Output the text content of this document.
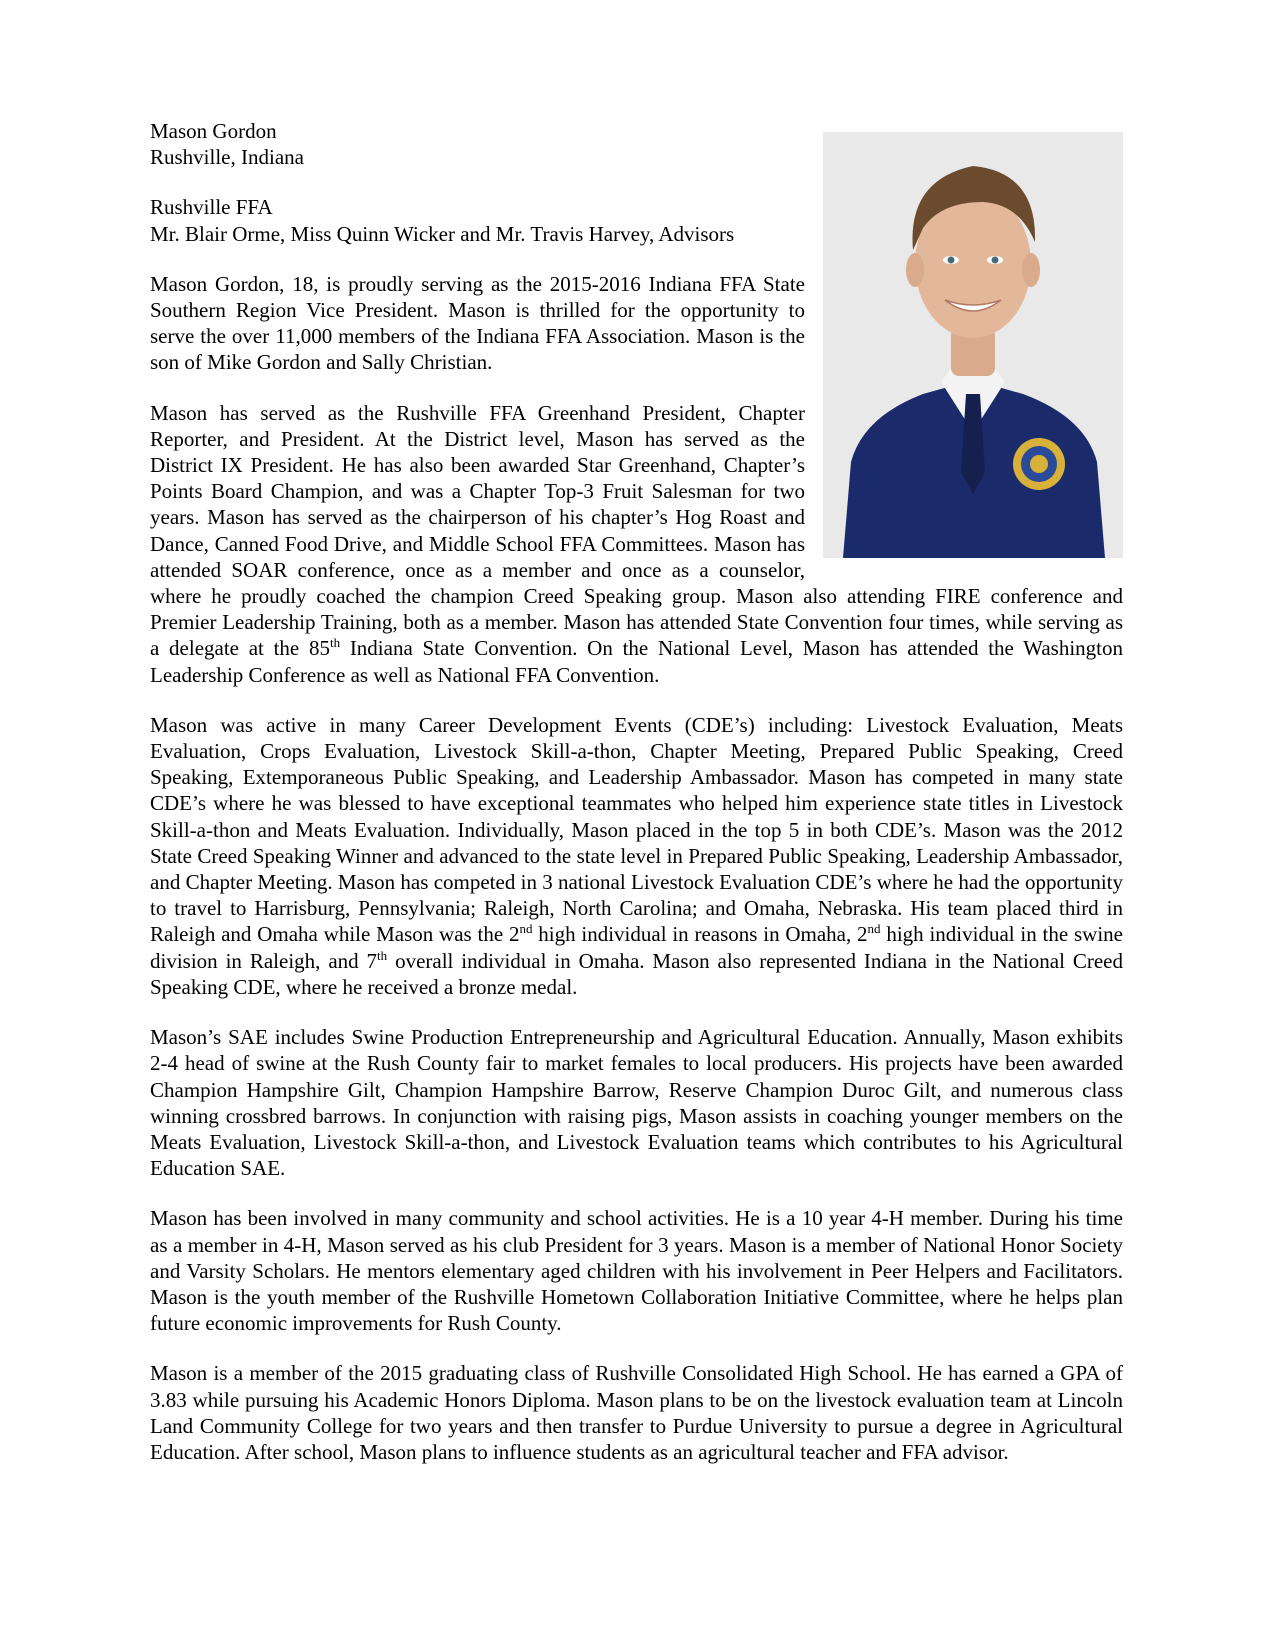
Mason Gordon
Rushville, Indiana

Rushville FFA
Mr. Blair Orme, Miss Quinn Wicker and Mr. Travis Harvey, Advisors

Mason Gordon, 18, is proudly serving as the 2015-2016 Indiana FFA State Southern Region Vice President. Mason is thrilled for the opportunity to serve the over 11,000 members of the Indiana FFA Association. Mason is the son of Mike Gordon and Sally Christian.

Mason has served as the Rushville FFA Greenhand President, Chapter Reporter, and President. At the District level, Mason has served as the District IX President. He has also been awarded Star Greenhand, Chapter’s Points Board Champion, and was a Chapter Top-3 Fruit Salesman for two years. Mason has served as the chairperson of his chapter’s Hog Roast and Dance, Canned Food Drive, and Middle School FFA Committees. Mason has attended SOAR conference, once as a member and once as a counselor, where he proudly coached the champion Creed Speaking group. Mason also attending FIRE conference and Premier Leadership Training, both as a member. Mason has attended State Convention four times, while serving as a delegate at the 85th Indiana State Convention. On the National Level, Mason has attended the Washington Leadership Conference as well as National FFA Convention.

Mason was active in many Career Development Events (CDE’s) including: Livestock Evaluation, Meats Evaluation, Crops Evaluation, Livestock Skill-a-thon, Chapter Meeting, Prepared Public Speaking, Creed Speaking, Extemporaneous Public Speaking, and Leadership Ambassador. Mason has competed in many state CDE’s where he was blessed to have exceptional teammates who helped him experience state titles in Livestock Skill-a-thon and Meats Evaluation. Individually, Mason placed in the top 5 in both CDE’s. Mason was the 2012 State Creed Speaking Winner and advanced to the state level in Prepared Public Speaking, Leadership Ambassador, and Chapter Meeting. Mason has competed in 3 national Livestock Evaluation CDE’s where he had the opportunity to travel to Harrisburg, Pennsylvania; Raleigh, North Carolina; and Omaha, Nebraska. His team placed third in Raleigh and Omaha while Mason was the 2nd high individual in reasons in Omaha, 2nd high individual in the swine division in Raleigh, and 7th overall individual in Omaha. Mason also represented Indiana in the National Creed Speaking CDE, where he received a bronze medal.

Mason’s SAE includes Swine Production Entrepreneurship and Agricultural Education. Annually, Mason exhibits 2-4 head of swine at the Rush County fair to market females to local producers. His projects have been awarded Champion Hampshire Gilt, Champion Hampshire Barrow, Reserve Champion Duroc Gilt, and numerous class winning crossbred barrows. In conjunction with raising pigs, Mason assists in coaching younger members on the Meats Evaluation, Livestock Skill-a-thon, and Livestock Evaluation teams which contributes to his Agricultural Education SAE.

Mason has been involved in many community and school activities. He is a 10 year 4-H member. During his time as a member in 4-H, Mason served as his club President for 3 years. Mason is a member of National Honor Society and Varsity Scholars. He mentors elementary aged children with his involvement in Peer Helpers and Facilitators. Mason is the youth member of the Rushville Hometown Collaboration Initiative Committee, where he helps plan future economic improvements for Rush County.

Mason is a member of the 2015 graduating class of Rushville Consolidated High School. He has earned a GPA of 3.83 while pursuing his Academic Honors Diploma. Mason plans to be on the livestock evaluation team at Lincoln Land Community College for two years and then transfer to Purdue University to pursue a degree in Agricultural Education. After school, Mason plans to influence students as an agricultural teacher and FFA advisor.
